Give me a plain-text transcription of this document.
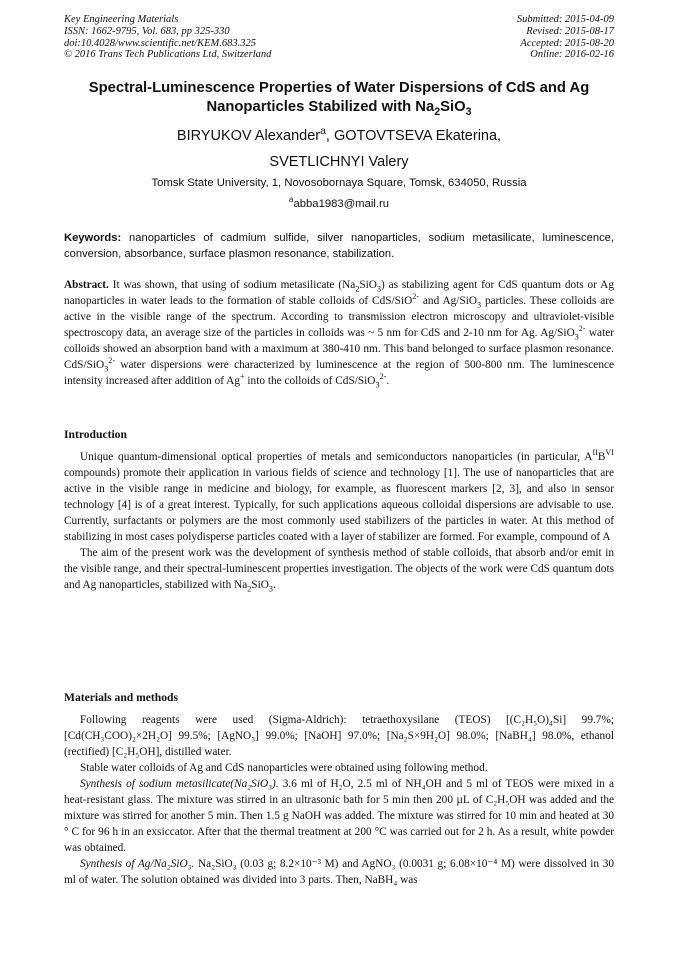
Key Engineering Materials
ISSN: 1662-9795, Vol. 683, pp 325-330
doi:10.4028/www.scientific.net/KEM.683.325
© 2016 Trans Tech Publications Ltd, Switzerland
Submitted: 2015-04-09
Revised: 2015-08-17
Accepted: 2015-08-20
Online: 2016-02-16
Spectral-Luminescence Properties of Water Dispersions of CdS and Ag
Nanoparticles Stabilized with $Na_2SiO_3$
BIRYUKOV Alexander$^a$, GOTOVTSEVA Ekaterina,
SVETLICHNYI Valery
Tomsk State University, 1, Novosobornaya Square, Tomsk, 634050, Russia
$^a$abba1983@mail.ru
Keywords: nanoparticles of cadmium sulfide, silver nanoparticles, sodium metasilicate, luminescence, conversion, absorbance, surface plasmon resonance, stabilization.
Abstract. It was shown, that using of sodium metasilicate $(Na_2SiO_3)$ as stabilizing agent for CdS quantum dots or Ag nanoparticles in water leads to the formation of stable colloids of CdS/SiO$^{2-}$ and Ag/SiO$_3$ particles. These colloids are active in the visible range of the spectrum. According to transmission electron microscopy and ultraviolet-visible spectroscopy data, an average size of the particles in colloids was ~ 5 nm for CdS and 2-10 nm for Ag. Ag/SiO$_3^{2-}$ water colloids showed an absorption band with a maximum at 380-410 nm. This band belonged to surface plasmon resonance. CdS/SiO$_3^{2-}$ water dispersions were characterized by luminescence at the region of 500-800 nm. The luminescence intensity increased after addition of Ag+ into the colloids of CdS/SiO$_3^{2-}$.
Introduction

Unique quantum-dimensional optical properties of metals and semiconductors nanoparticles (in particular, $A^{II}B^{VI}$ compounds) promote their application in various fields of science and technology [1]. The use of nanoparticles that are active in the visible range in medicine and biology, for example, as fluorescent markers [2, 3], and also in sensor technology [4] is of a great interest. Typically, for such applications aqueous colloidal dispersions are advisable to use. Currently, surfactants or polymers are the most commonly used stabilizers of the particles in water. At this method of stabilizing in most cases polydisperse particles coated with a layer of stabilizer are formed. For example, compound of A

The aim of the present work was the development of synthesis method of stable colloids, that absorb and/or emit in the visible range, and their spectral-luminescent properties investigation. The objects of the work were CdS quantum dots and Ag nanoparticles, stabilized with $Na_2SiO_3$.

Materials and methods

Following reagents were used (Sigma-Aldrich): tetraethoxysilane (TEOS) [(C₂H₅O)₄Si] 99.7%; [Cd(CH₃COO)₂×2H₂O] 99.5%; [AgNO₃] 99.0%; [NaOH] 97.0%; [Na₂S×9H₂O] 98.0%; [NaBH₄] 98.0%, ethanol (rectified) [C₂H₅OH], distilled water.

Stable water colloids of Ag and CdS nanoparticles were obtained using following method.

Synthesis of sodium metasilicate(Na₂SiO₃). 3.6 ml of H₂O, 2.5 ml of NH₄OH and 5 ml of TEOS were mixed in a heat-resistant glass. The mixture was stirred in an ultrasonic bath for 5 min then 200 µL of C₂H₅OH was added and the mixture was stirred for another 5 min. Then 1.5 g NaOH was added. The mixture was stirred for 10 min and heated at 30 ° C for 96 h in an exsiccator. After that the thermal treatment at 200 °C was carried out for 2 h. As a result, white powder was obtained.

Synthesis of Ag/Na₂SiO₃. Na₂SiO₃ (0.03 g; 8.2×10⁻³ M) and AgNO₃ (0.0031 g; 6.08×10⁻⁴ M) were dissolved in 30 ml of water. The solution obtained was divided into 3 parts. Then, NaBH₄ was
